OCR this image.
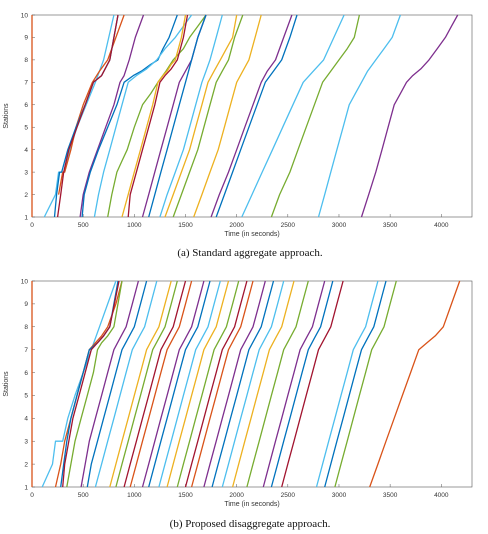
1
2
3
4
5
6
7
8
9
10
0	500	1000	1500	2000	2500	3000	3500	4000
Stations
Time (in seconds)
(a) Standard aggregate approach.
1
2
3
4
5
6
7
8
9
10
0	500	1000	1500	2000	2500	3000	3500	4000
Stations
Time (in seconds)
(b) Proposed disaggregate approach.
